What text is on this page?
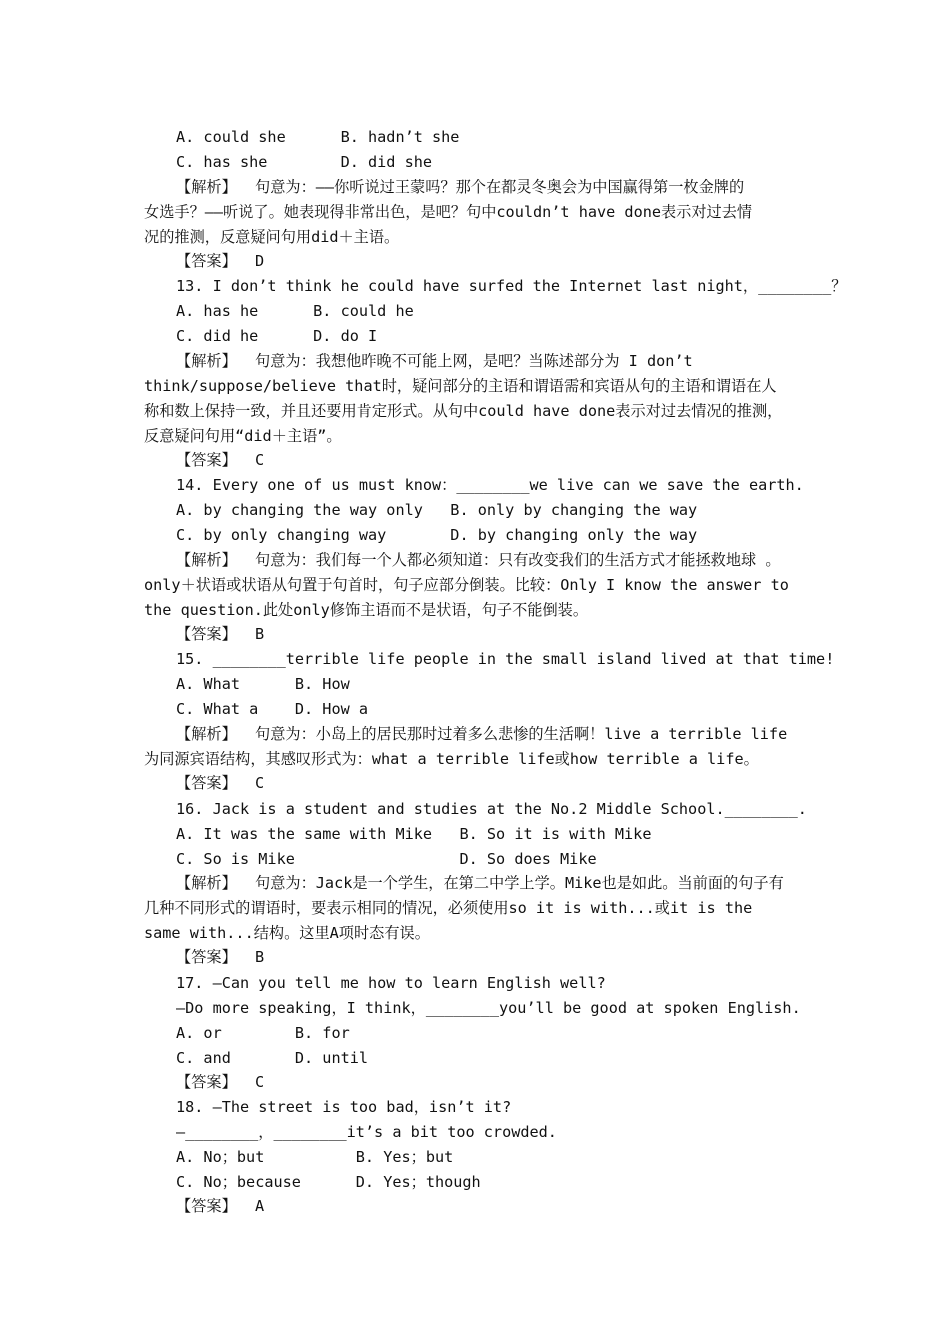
A. could she      B. hadn’t she
C. has she        D. did she
【解析】  句意为：——你听说过王蒙吗？那个在都灵冬奥会为中国赢得第一枚金牌的
女选手？——听说了。她表现得非常出色，是吧？句中couldn’t have done表示对过去情
况的推测，反意疑问句用did＋主语。
【答案】  D
13. I don’t think he could have surfed the Internet last night，________？
A. has he      B. could he
C. did he      D. do I
【解析】  句意为：我想他昨晚不可能上网，是吧？当陈述部分为 I don’t
think/suppose/believe that时，疑问部分的主语和谓语需和宾语从句的主语和谓语在人
称和数上保持一致，并且还要用肯定形式。从句中could have done表示对过去情况的推测，
反意疑问句用“did＋主语”。
【答案】  C
14. Every one of us must know：________we live can we save the earth.
A. by changing the way only   B. only by changing the way
C. by only changing way       D. by changing only the way
【解析】  句意为：我们每一个人都必须知道：只有改变我们的生活方式才能拯救地球 。
only＋状语或状语从句置于句首时，句子应部分倒装。比较：Only I know the answer to
the question.此处only修饰主语而不是状语，句子不能倒装。
【答案】  B
15. ________terrible life people in the small island lived at that time!
A. What      B. How
C. What a    D. How a
【解析】  句意为：小岛上的居民那时过着多么悲惨的生活啊！live a terrible life
为同源宾语结构，其感叹形式为：what a terrible life或how terrible a life。
【答案】  C
16. Jack is a student and studies at the No.2 Middle School.________.
A. It was the same with Mike   B. So it is with Mike
C. So is Mike                  D. So does Mike
【解析】  句意为：Jack是一个学生，在第二中学上学。Mike也是如此。当前面的句子有
几种不同形式的谓语时，要表示相同的情况，必须使用so it is with...或it is the
same with...结构。这里A项时态有误。
【答案】  B
17. —Can you tell me how to learn English well?
—Do more speaking，I think，________you’ll be good at spoken English.
A. or        B. for
C. and       D. until
【答案】  C
18. —The street is too bad，isn’t it?
—________，________it’s a bit too crowded.
A. No；but          B. Yes；but
C. No；because      D. Yes；though
【答案】  A
